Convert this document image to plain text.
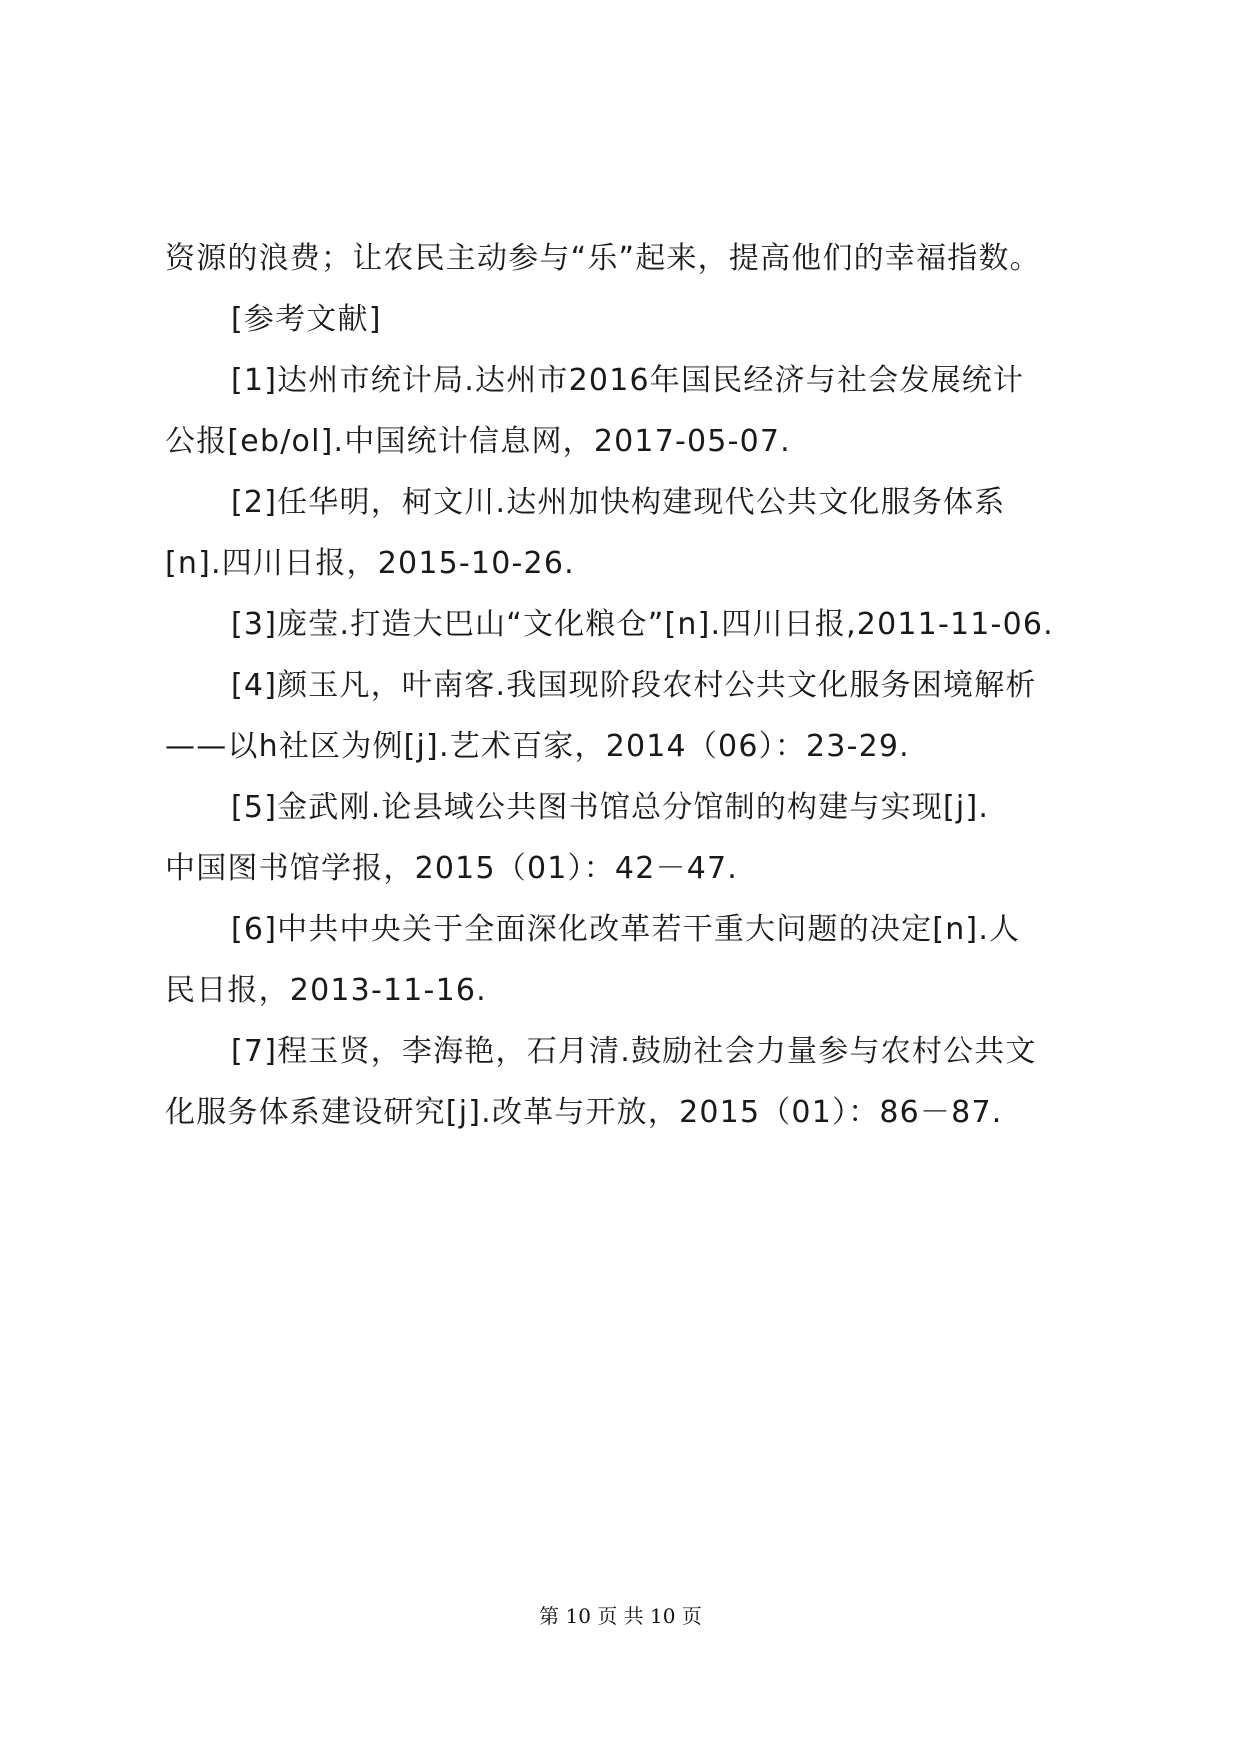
资源的浪费；让农民主动参与“乐”起来，提高他们的幸福指数。
[参考文献]
[1]达州市统计局.达州市2016年国民经济与社会发展统计
公报[eb/ol].中国统计信息网，2017-05-07.
[2]任华明，柯文川.达州加快构建现代公共文化服务体系
[n].四川日报，2015-10-26.
[3]庞莹.打造大巴山“文化粮仓”[n].四川日报,2011-11-06.
[4]颜玉凡，叶南客.我国现阶段农村公共文化服务困境解析
——以h社区为例[j].艺术百家，2014（06）：23-29.
[5]金武刚.论县域公共图书馆总分馆制的构建与实现[j].
中国图书馆学报，2015（01）：42－47.
[6]中共中央关于全面深化改革若干重大问题的决定[n].人
民日报，2013-11-16.
[7]程玉贤，李海艳，石月清.鼓励社会力量参与农村公共文
化服务体系建设研究[j].改革与开放，2015（01）：86－87.
第 10 页 共 10 页
